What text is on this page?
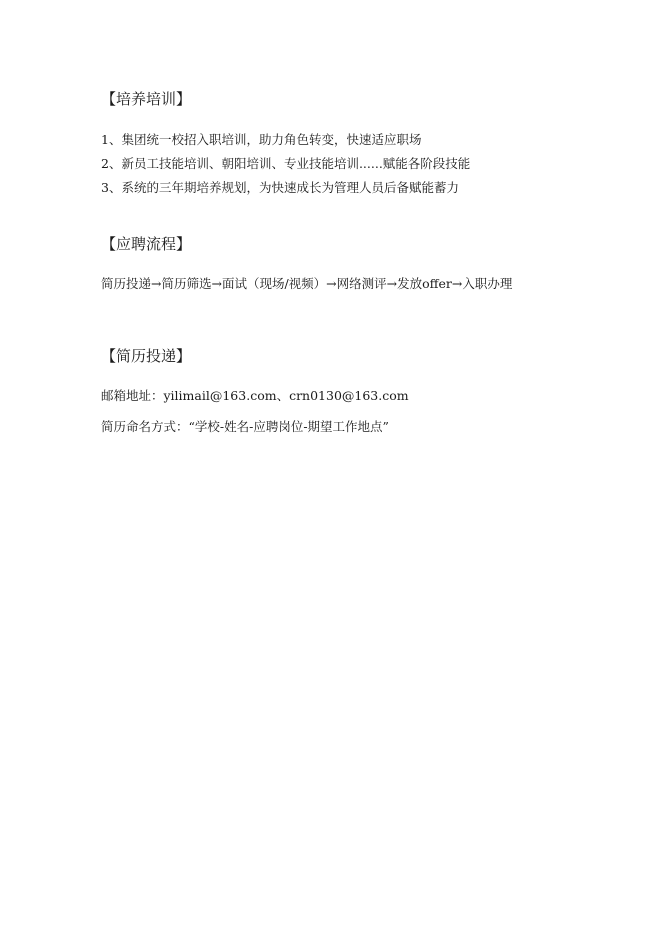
【培养培训】
1、集团统一校招入职培训，助力角色转变，快速适应职场
2、新员工技能培训、朝阳培训、专业技能培训......赋能各阶段技能
3、系统的三年期培养规划，为快速成长为管理人员后备赋能蓄力
【应聘流程】
简历投递→简历筛选→面试（现场/视频）→网络测评→发放offer→入职办理
【简历投递】
邮箱地址：yilimail@163.com、crn0130@163.com
简历命名方式：“学校-姓名-应聘岗位-期望工作地点”
